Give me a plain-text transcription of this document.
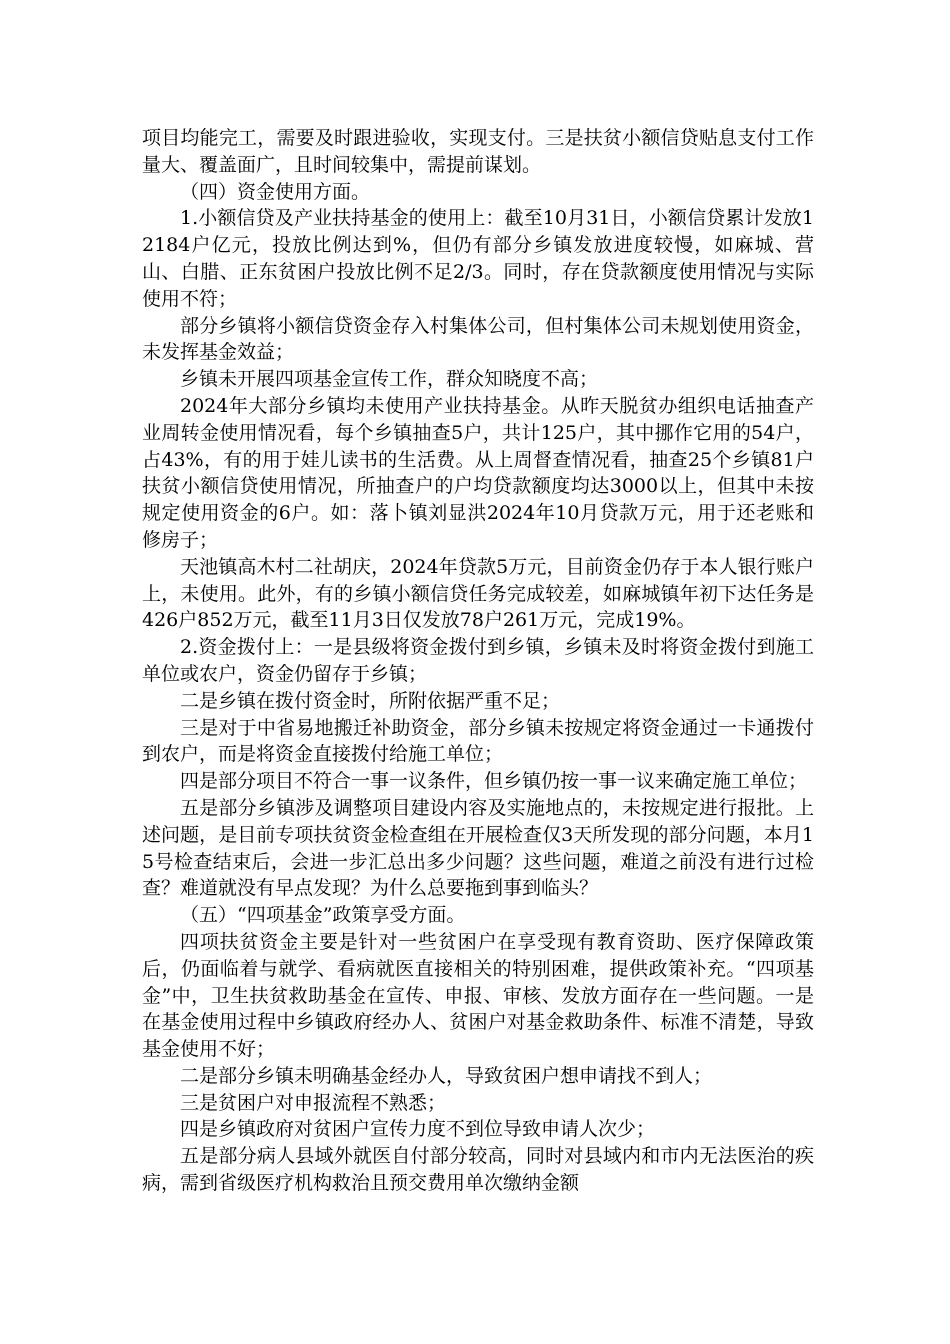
项目均能完工，需要及时跟进验收，实现支付。三是扶贫小额信贷贴息支付工作量大、覆盖面广，且时间较集中，需提前谋划。

（四）资金使用方面。

1.小额信贷及产业扶持基金的使用上：截至10月31日，小额信贷累计发放12184户亿元，投放比例达到%，但仍有部分乡镇发放进度较慢，如麻城、营山、白腊、正东贫困户投放比例不足2/3。同时，存在贷款额度使用情况与实际使用不符；

部分乡镇将小额信贷资金存入村集体公司，但村集体公司未规划使用资金，未发挥基金效益；

乡镇未开展四项基金宣传工作，群众知晓度不高；

2024年大部分乡镇均未使用产业扶持基金。从昨天脱贫办组织电话抽查产业周转金使用情况看，每个乡镇抽查5户，共计125户，其中挪作它用的54户，占43%，有的用于娃儿读书的生活费。从上周督查情况看，抽查25个乡镇81户扶贫小额信贷使用情况，所抽查户的户均贷款额度均达3000以上，但其中未按规定使用资金的6户。如：落卜镇刘显洪2024年10月贷款万元，用于还老账和修房子；

天池镇高木村二社胡庆，2024年贷款5万元，目前资金仍存于本人银行账户上，未使用。此外，有的乡镇小额信贷任务完成较差，如麻城镇年初下达任务是426户852万元，截至11月3日仅发放78户261万元，完成19%。

2.资金拨付上：一是县级将资金拨付到乡镇，乡镇未及时将资金拨付到施工单位或农户，资金仍留存于乡镇；

二是乡镇在拨付资金时，所附依据严重不足；

三是对于中省易地搬迁补助资金，部分乡镇未按规定将资金通过一卡通拨付到农户，而是将资金直接拨付给施工单位；

四是部分项目不符合一事一议条件，但乡镇仍按一事一议来确定施工单位；

五是部分乡镇涉及调整项目建设内容及实施地点的，未按规定进行报批。上述问题，是目前专项扶贫资金检查组在开展检查仅3天所发现的部分问题，本月15号检查结束后，会进一步汇总出多少问题？这些问题，难道之前没有进行过检查？难道就没有早点发现？为什么总要拖到事到临头？

（五）“四项基金”政策享受方面。

四项扶贫资金主要是针对一些贫困户在享受现有教育资助、医疗保障政策后，仍面临着与就学、看病就医直接相关的特别困难，提供政策补充。“四项基金”中，卫生扶贫救助基金在宣传、申报、审核、发放方面存在一些问题。一是在基金使用过程中乡镇政府经办人、贫困户对基金救助条件、标准不清楚，导致基金使用不好；

二是部分乡镇未明确基金经办人，导致贫困户想申请找不到人；

三是贫困户对申报流程不熟悉；

四是乡镇政府对贫困户宣传力度不到位导致申请人次少；

五是部分病人县域外就医自付部分较高，同时对县域内和市内无法医治的疾病，需到省级医疗机构救治且预交费用单次缴纳金额
